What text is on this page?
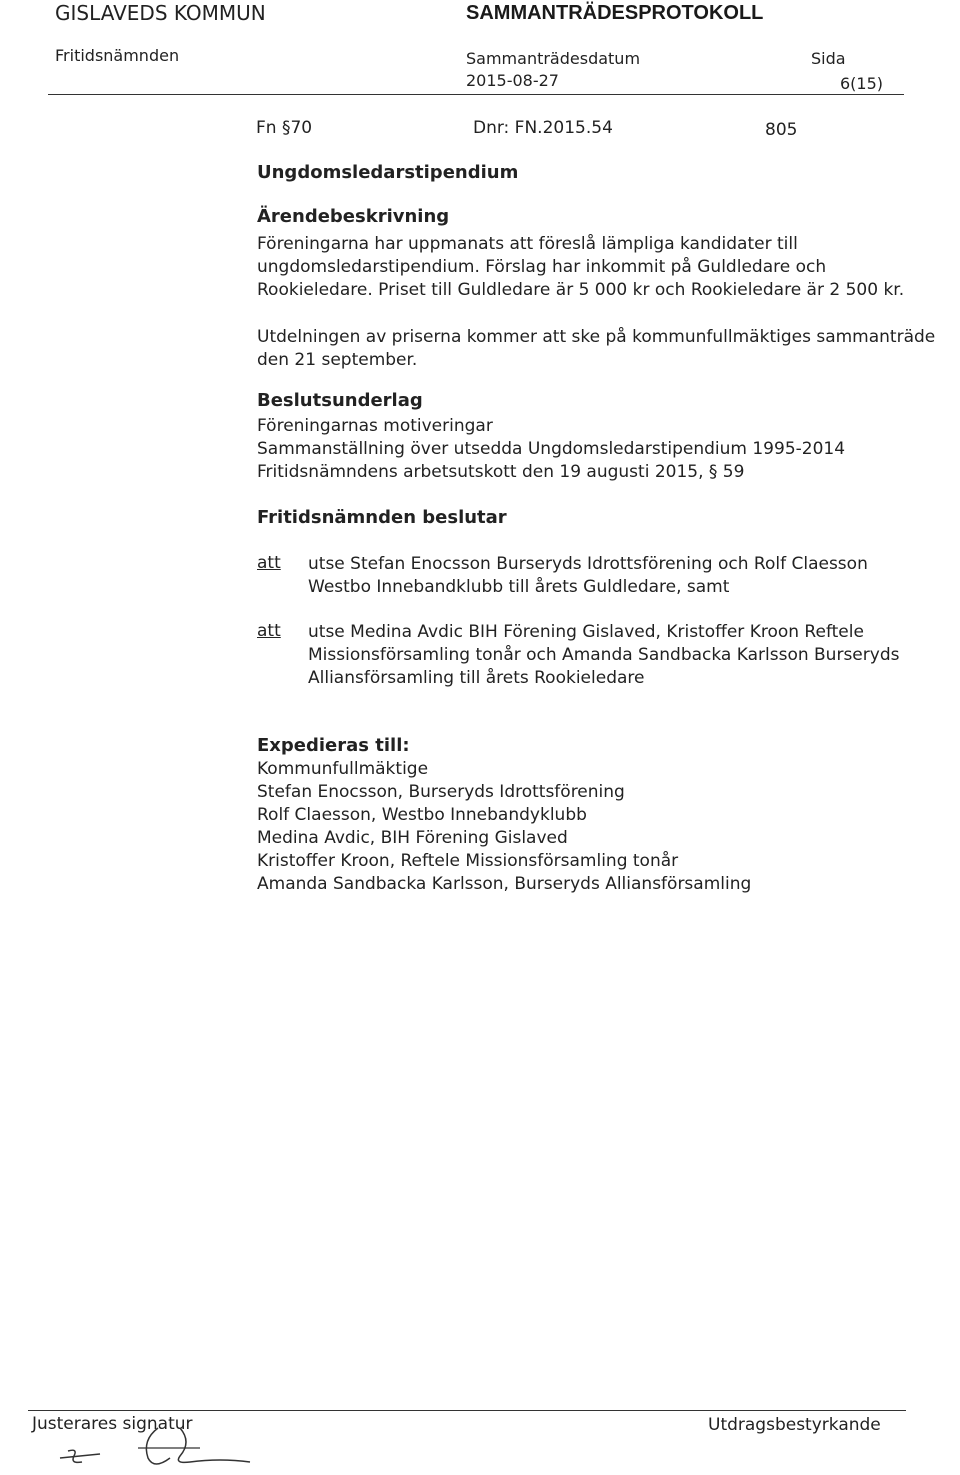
GISLAVEDS KOMMUN	SAMMANTRÄDESPROTOKOLL
Fritidsnämnden	Sammanträdesdatum
2015-08-27
Sida
6(15)
Fn §70	Dnr: FN.2015.54	805
Ungdomsledarstipendium
Ärendebeskrivning
Föreningarna har uppmanats att föreslå lämpliga kandidater till
ungdomsledarstipendium. Förslag har inkommit på Guldledare och
Rookieledare. Priset till Guldledare är 5 000 kr och Rookieledare är 2 500 kr.
Utdelningen av priserna kommer att ske på kommunfullmäktiges sammanträde
den 21 september.
Beslutsunderlag
Föreningarnas motiveringar
Sammanställning över utsedda Ungdomsledarstipendium 1995-2014
Fritidsnämndens arbetsutskott den 19 augusti 2015, § 59
Fritidsnämnden beslutar
att utse Stefan Enocsson Burseryds Idrottsförening och Rolf Claesson
Westbo Innebandklubb till årets Guldledare, samt
att utse Medina Avdic BIH Förening Gislaved, Kristoffer Kroon Reftele
Missionsförsamling tonår och Amanda Sandbacka Karlsson Burseryds
Alliansförsamling till årets Rookieledare
Expedieras till:
Kommunfullmäktige
Stefan Enocsson, Burseryds Idrottsförening
Rolf Claesson, Westbo Innebandyklubb
Medina Avdic, BIH Förening Gislaved
Kristoffer Kroon, Reftele Missionsförsamling tonår
Amanda Sandbacka Karlsson, Burseryds Alliansförsamling
Justerares signatur	Utdragsbestyrkande
